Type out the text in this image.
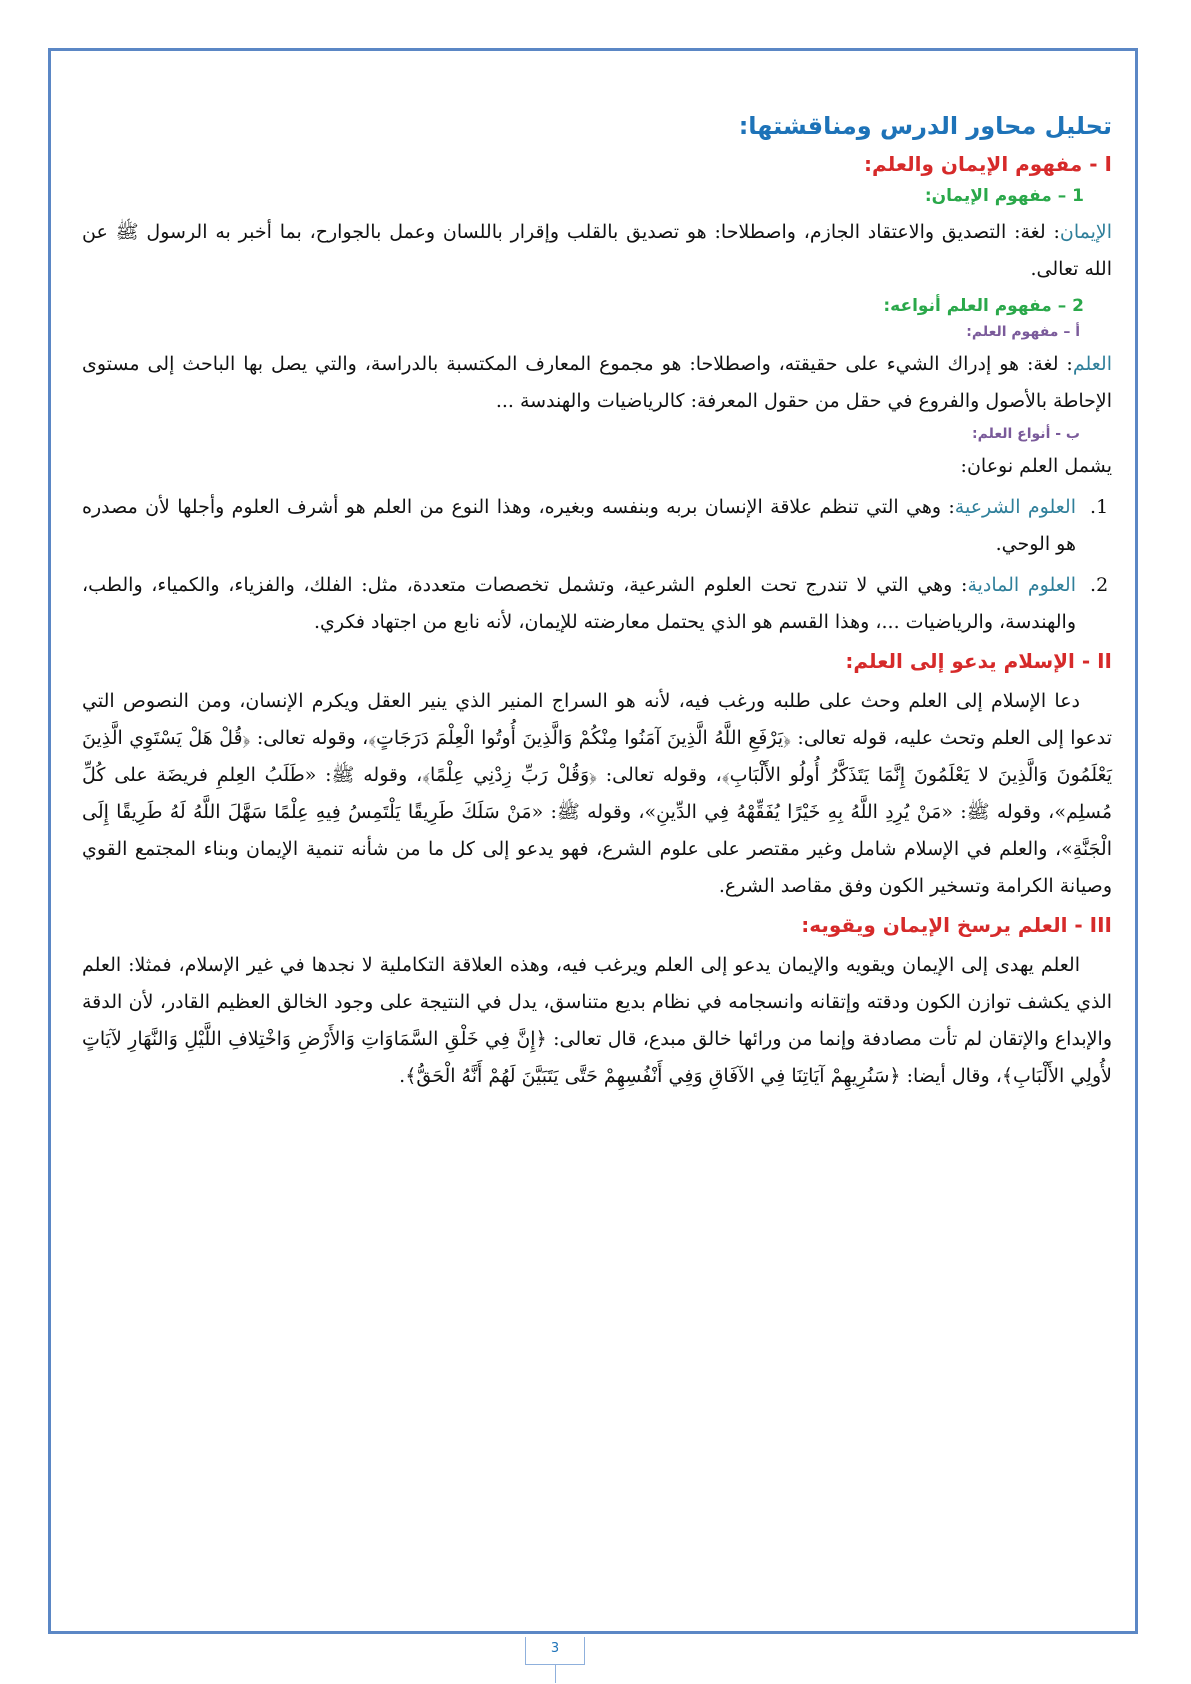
تحليل محاور الدرس ومناقشتها:
I - مفهوم الإيمان والعلم:
1 – مفهوم الإيمان:

الإيمان: لغة: التصديق والاعتقاد الجازم، واصطلاحا: هو تصديق بالقلب وإقرار باللسان وعمل بالجوارح، بما أخبر به الرسول ﷺ عن الله تعالى.

2 – مفهوم العلم أنواعه:
أ – مفهوم العلم:

العلم: لغة: هو إدراك الشيء على حقيقته، واصطلاحا: هو مجموع المعارف المكتسبة بالدراسة، والتي يصل بها الباحث إلى مستوى الإحاطة بالأصول والفروع في حقل من حقول المعرفة: كالرياضيات والهندسة ...

ب - أنواع العلم:

يشمل العلم نوعان:

1. العلوم الشرعية: وهي التي تنظم علاقة الإنسان بربه وبنفسه وبغيره، وهذا النوع من العلم هو أشرف العلوم وأجلها لأن مصدره هو الوحي.
2. العلوم المادية: وهي التي لا تندرج تحت العلوم الشرعية، وتشمل تخصصات متعددة، مثل: الفلك، والفزياء، والكمياء، والطب، والهندسة، والرياضيات ...، وهذا القسم هو الذي يحتمل معارضته للإيمان، لأنه نابع من اجتهاد فكري.
II - الإسلام يدعو إلى العلم:

دعا الإسلام إلى العلم وحث على طلبه ورغب فيه، لأنه هو السراج المنير الذي ينير العقل ويكرم الإنسان، ومن النصوص التي تدعوا إلى العلم وتحث عليه، قوله تعالى: ﴿يَرْفَعِ اللَّهُ الَّذِينَ آمَنُوا مِنْكُمْ وَالَّذِينَ أُوتُوا الْعِلْمَ دَرَجَاتٍ﴾، وقوله تعالى: ﴿قُلْ هَلْ يَسْتَوِي الَّذِينَ يَعْلَمُونَ وَالَّذِينَ لا يَعْلَمُونَ إِنَّمَا يَتَذَكَّرُ أُولُو الأَلْبَابِ﴾، وقوله تعالى: ﴿وَقُلْ رَبِّ زِدْنِي عِلْمًا﴾، وقوله ﷺ: «طَلَبُ العِلمِ فريضَة على كُلِّ مُسلِم»، وقوله ﷺ: «مَنْ يُرِدِ اللَّهُ بِهِ خَيْرًا يُفَقِّهْهُ فِي الدِّينِ»، وقوله ﷺ: «مَنْ سَلَكَ طَرِيقًا يَلْتَمِسُ فِيهِ عِلْمًا سَهَّلَ اللَّهُ لَهُ طَرِيقًا إِلَى الْجَنَّةِ»، والعلم في الإسلام شامل وغير مقتصر على علوم الشرع، فهو يدعو إلى كل ما من شأنه تنمية الإيمان وبناء المجتمع القوي وصيانة الكرامة وتسخير الكون وفق مقاصد الشرع.

III - العلم يرسخ الإيمان ويقويه:

العلم يهدى إلى الإيمان ويقويه والإيمان يدعو إلى العلم ويرغب فيه، وهذه العلاقة التكاملية لا نجدها في غير الإسلام، فمثلا: العلم الذي يكشف توازن الكون ودقته وإتقانه وانسجامه في نظام بديع متناسق، يدل في النتيجة على وجود الخالق العظيم القادر، لأن الدقة والإبداع والإتقان لم تأت مصادفة وإنما من ورائها خالق مبدع، قال تعالى: ﴿إِنَّ فِي خَلْقِ السَّمَاوَاتِ وَالأَرْضِ وَاخْتِلافِ اللَّيْلِ وَالنَّهَارِ لآيَاتٍ لأُولِي الأَلْبَابِ﴾، وقال أيضا: ﴿سَنُرِيهِمْ آيَاتِنَا فِي الآفَاقِ وَفِي أَنْفُسِهِمْ حَتَّى يَتَبَيَّنَ لَهُمْ أَنَّهُ الْحَقُّ﴾.

3
